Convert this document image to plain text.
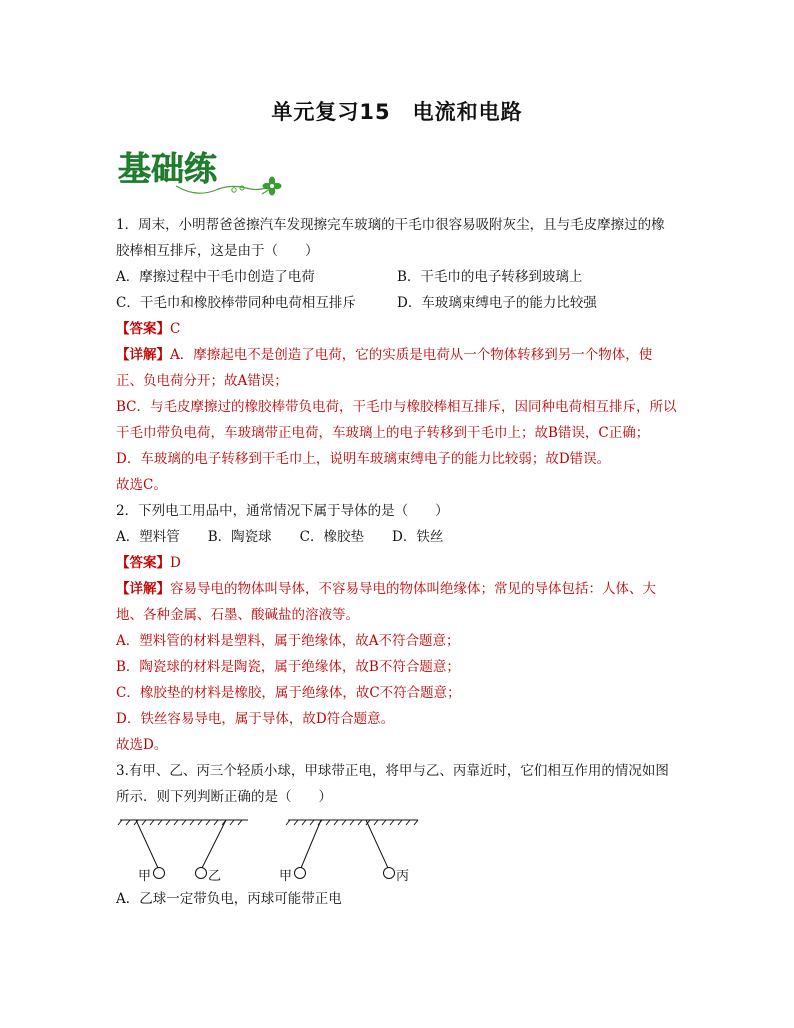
单元复习15　电流和电路
基础练

1．周末，小明帮爸爸擦汽车发现擦完车玻璃的干毛巾很容易吸附灰尘，且与毛皮摩擦过的橡

胶棒相互排斥，这是由于（　　）

A．摩擦过程中干毛巾创造了电荷	B．干毛巾的电子转移到玻璃上
C．干毛巾和橡胶棒带同种电荷相互排斥	D．车玻璃束缚电子的能力比较强

【答案】C

【详解】A．摩擦起电不是创造了电荷，它的实质是电荷从一个物体转移到另一个物体，使

正、负电荷分开；故A错误；

BC．与毛皮摩擦过的橡胶棒带负电荷，干毛巾与橡胶棒相互排斥，因同种电荷相互排斥，所以

干毛巾带负电荷，车玻璃带正电荷，车玻璃上的电子转移到干毛巾上；故B错误，C正确；

D．车玻璃的电子转移到干毛巾上，说明车玻璃束缚电子的能力比较弱；故D错误。

故选C。

2．下列电工用品中，通常情况下属于导体的是（　　）

A．塑料管 B．陶瓷球 C．橡胶垫 D．铁丝

【答案】D

【详解】容易导电的物体叫导体，不容易导电的物体叫绝缘体；常见的导体包括：人体、大

地、各种金属、石墨、酸碱盐的溶液等。

A．塑料管的材料是塑料，属于绝缘体，故A不符合题意；

B．陶瓷球的材料是陶瓷，属于绝缘体，故B不符合题意；

C．橡胶垫的材料是橡胶，属于绝缘体，故C不符合题意；

D．铁丝容易导电，属于导体，故D符合题意。

故选D。

3.有甲、乙、丙三个轻质小球，甲球带正电，将甲与乙、丙靠近时，它们相互作用的情况如图

所示．则下列判断正确的是（　　）

甲	乙	甲	丙

A．乙球一定带负电，丙球可能带正电
